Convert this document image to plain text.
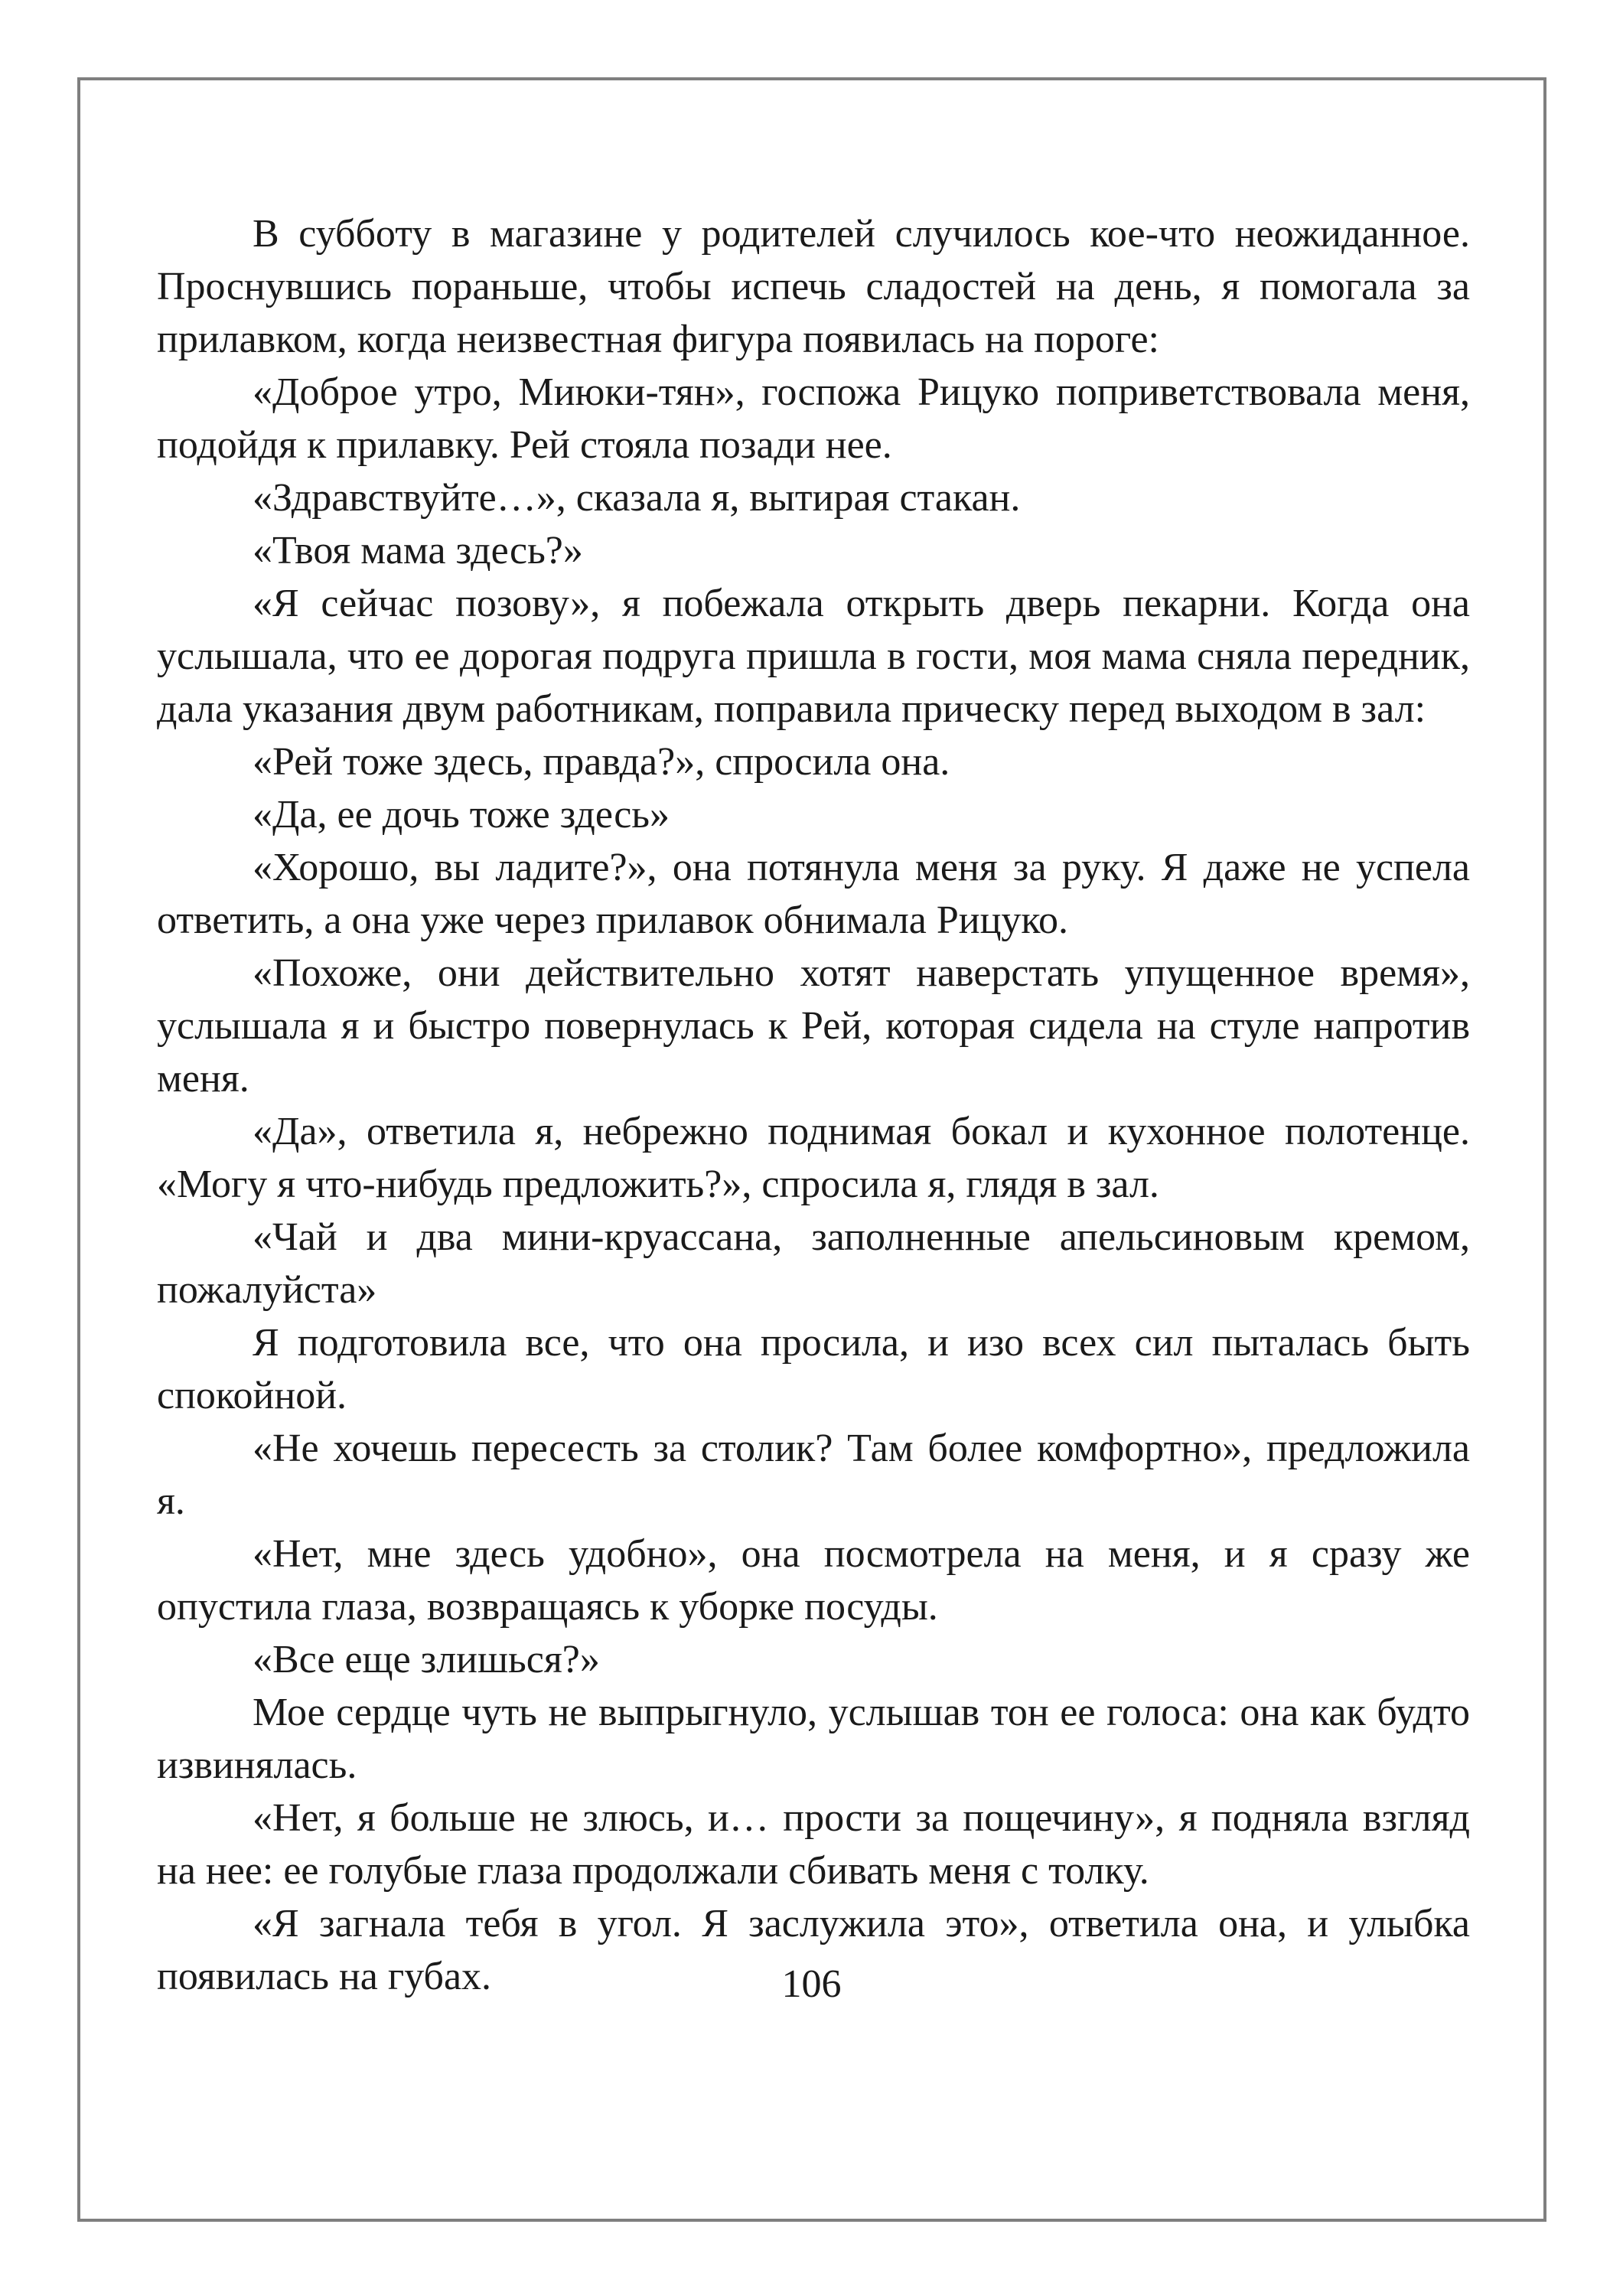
В субботу в магазине у родителей случилось кое-что неожиданное. Проснувшись пораньше, чтобы испечь сладостей на день, я помогала за прилавком, когда неизвестная фигура появилась на пороге:

«Доброе утро, Миюки-тян», госпожа Рицуко поприветствовала меня, подойдя к прилавку. Рей стояла позади нее.

«Здравствуйте…», сказала я, вытирая стакан.

«Твоя мама здесь?»

«Я сейчас позову», я побежала открыть дверь пекарни. Когда она услышала, что ее дорогая подруга пришла в гости, моя мама сняла передник, дала указания двум работникам, поправила прическу перед выходом в зал:

«Рей тоже здесь, правда?», спросила она.

«Да, ее дочь тоже здесь»

«Хорошо, вы ладите?», она потянула меня за руку. Я даже не успела ответить, а она уже через прилавок обнимала Рицуко.

«Похоже, они действительно хотят наверстать упущенное время», услышала я и быстро повернулась к Рей, которая сидела на стуле напротив меня.

«Да», ответила я, небрежно поднимая бокал и кухонное полотенце. «Могу я что-нибудь предложить?», спросила я, глядя в зал.

«Чай и два мини-круассана, заполненные апельсиновым кремом, пожалуйста»

Я подготовила все, что она просила, и изо всех сил пыталась быть спокойной.

«Не хочешь пересесть за столик? Там более комфортно», предложила я.

«Нет, мне здесь удобно», она посмотрела на меня, и я сразу же опустила глаза, возвращаясь к уборке посуды.

«Все еще злишься?»

Мое сердце чуть не выпрыгнуло, услышав тон ее голоса: она как будто извинялась.

«Нет, я больше не злюсь, и… прости за пощечину», я подняла взгляд на нее: ее голубые глаза продолжали сбивать меня с толку.

«Я загнала тебя в угол. Я заслужила это», ответила она, и улыбка появилась на губах.	106
